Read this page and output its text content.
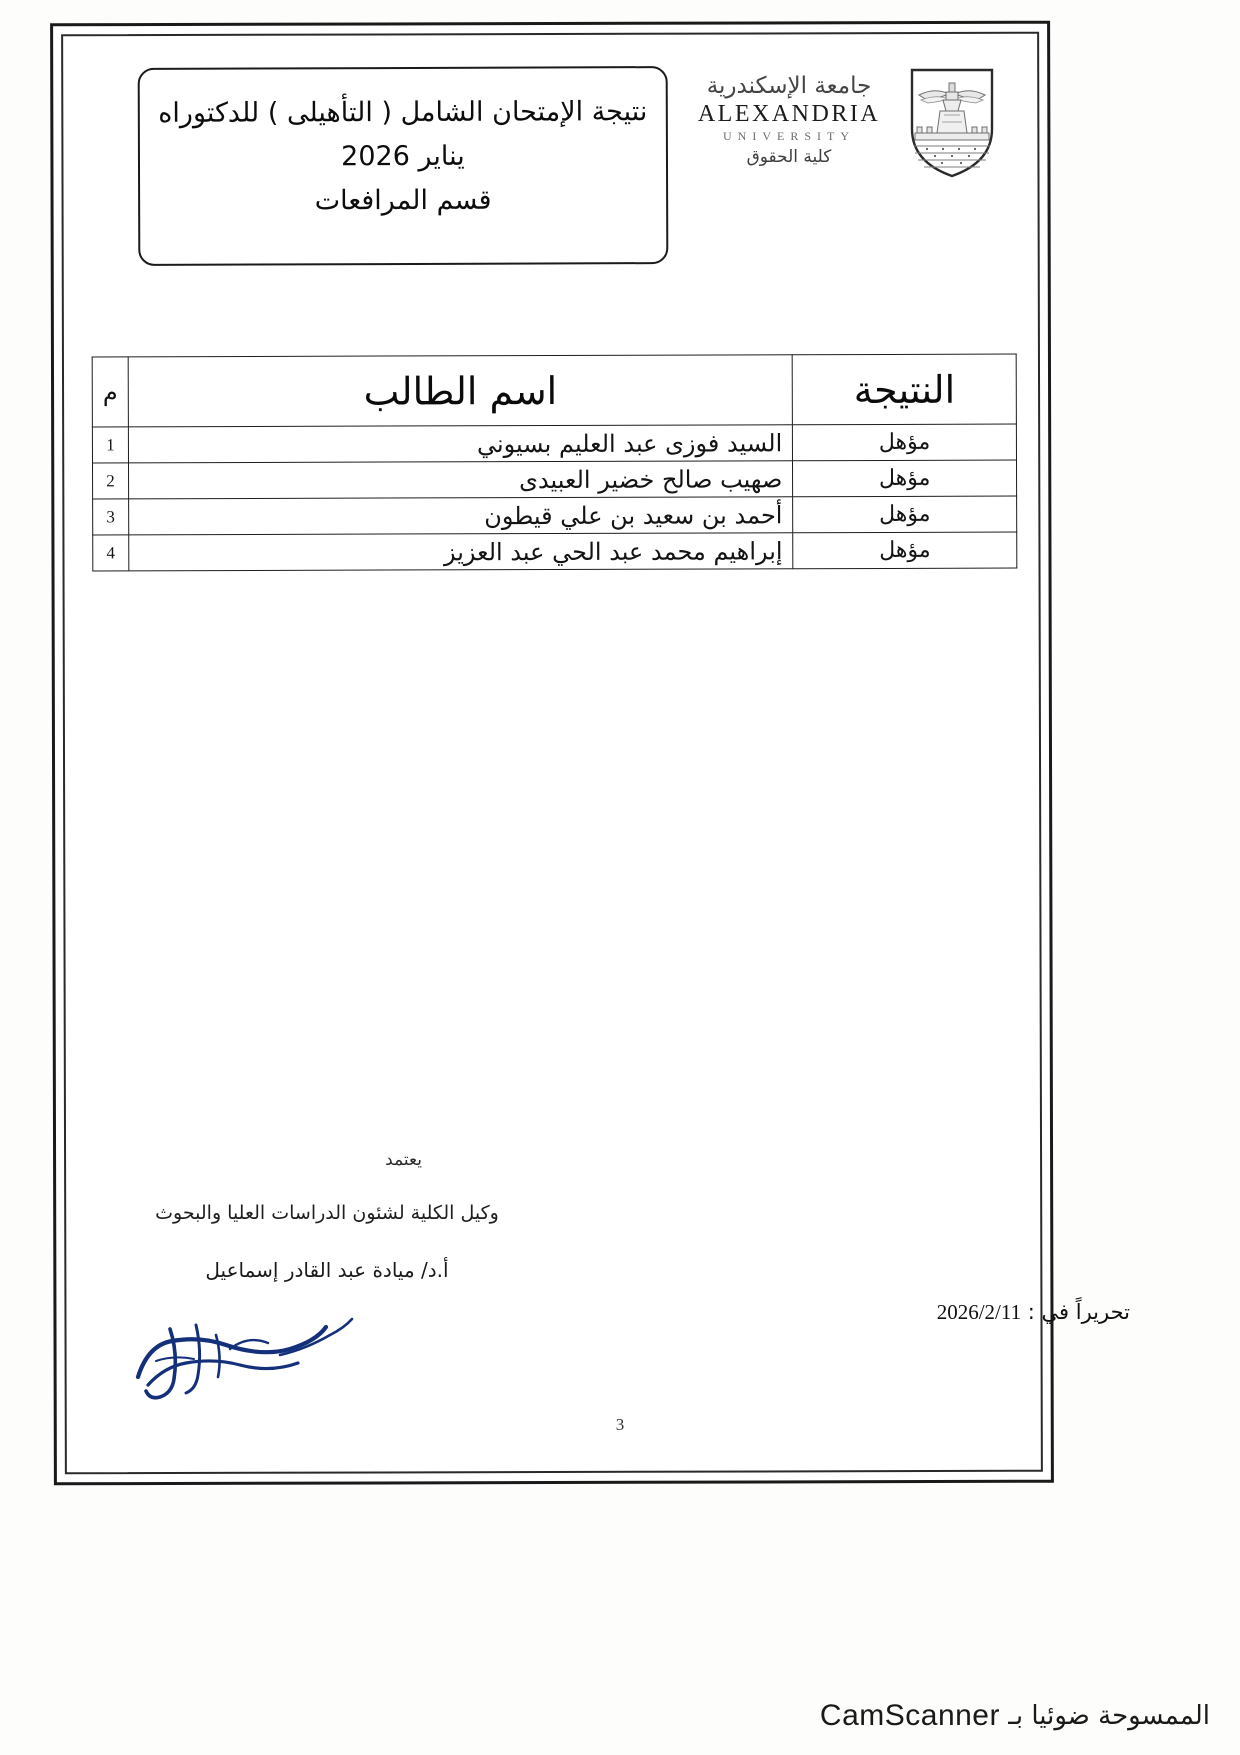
جامعة الإسكندرية
ALEXANDRIA
UNIVERSITY
كلية الحقوق
نتيجة الإمتحان الشامل ( التأهيلى ) للدكتوراه
يناير 2026
قسم المرافعات
النتيجة	اسم الطالب	م

مؤهل	السيد فوزى عبد العليم بسيوني	1

مؤهل	صهيب صالح خضير العبيدى	2

مؤهل	أحمد بن سعيد بن علي قيطون	3

مؤهل	إبراهيم محمد عبد الحي عبد العزيز	4
يعتمد
وكيل الكلية لشئون الدراسات العليا والبحوث
أ.د/ ميادة عبد القادر إسماعيل
تحريراً في : 2026/2/11
3
الممسوحة ضوئيا بـ CamScanner
